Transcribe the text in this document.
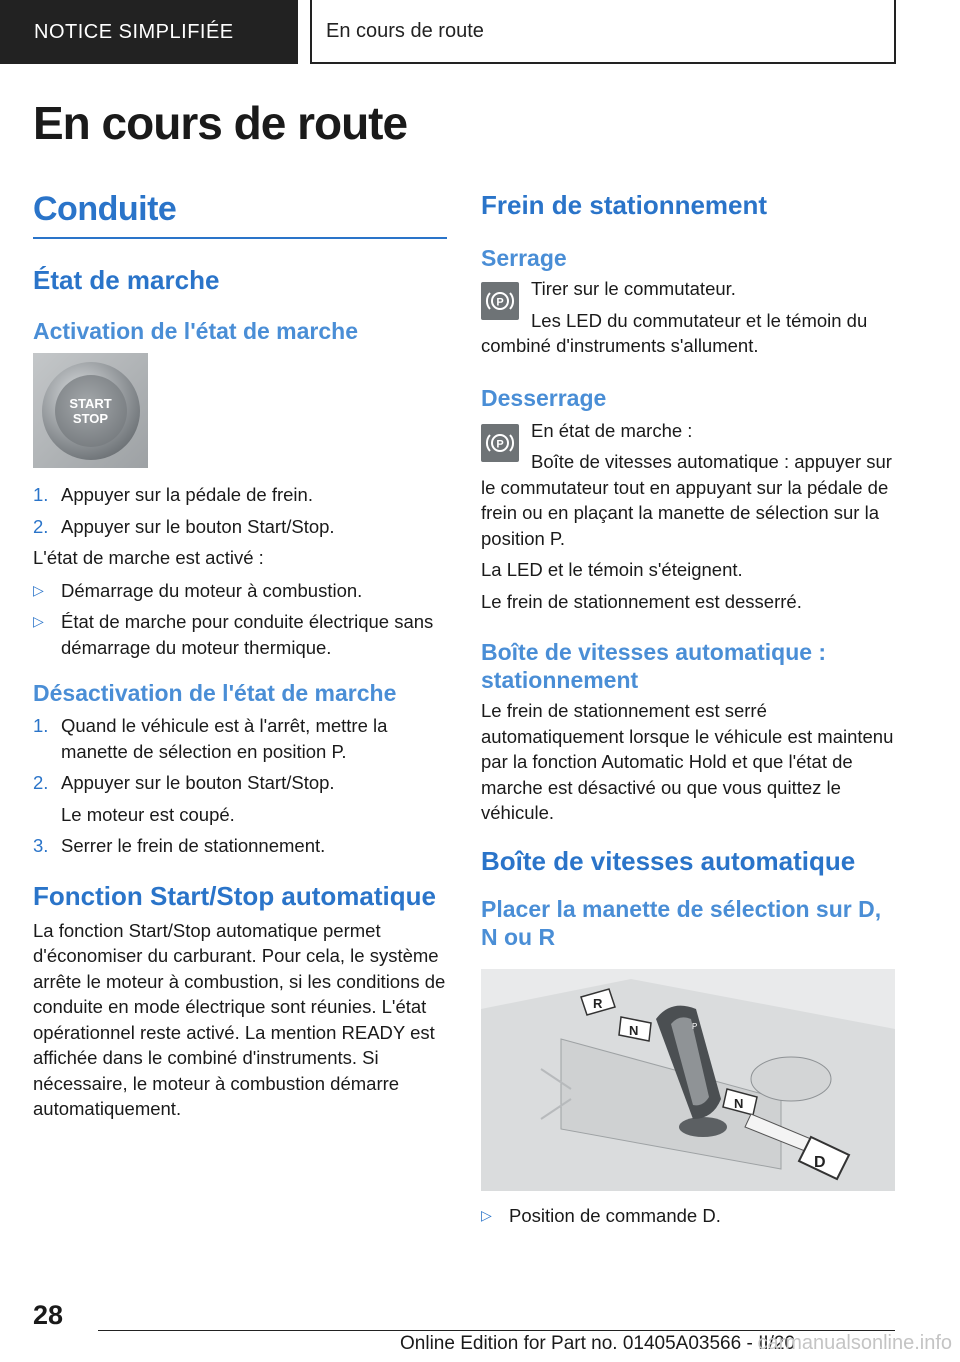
NOTICE SIMPLIFIÉE	En cours de route
En cours de route
Conduite
État de marche
Activation de l'état de marche
START
STOP
1. Appuyer sur la pédale de frein.
2. Appuyer sur le bouton Start/Stop.

L'état de marche est activé :

▷ Démarrage du moteur à combustion.
▷ État de marche pour conduite électrique sans démarrage du moteur thermique.
Désactivation de l'état de marche
1. Quand le véhicule est à l'arrêt, mettre la manette de sélection en position P.
2. Appuyer sur le bouton Start/Stop.

Le moteur est coupé.

3. Serrer le frein de stationnement.
Fonction Start/Stop automatique

La fonction Start/Stop automatique permet d'économiser du carburant. Pour cela, le système arrête le moteur à combustion, si les conditions de conduite en mode électrique sont réunies. L'état opérationnel reste activé. La mention READY est affichée dans le combiné d'instruments. Si nécessaire, le moteur à combustion démarre automatiquement.

Frein de stationnement
Serrage
P

Tirer sur le commutateur.

Les LED du commutateur et le témoin du combiné d'instruments s'allument.

Desserrage
P

En état de marche :

Boîte de vitesses automatique : appuyer sur le commutateur tout en appuyant sur la pédale de frein ou en plaçant la manette de sélection sur la position P.

La LED et le témoin s'éteignent.

Le frein de stationnement est desserré.

Boîte de vitesses automatique : stationnement

Le frein de stationnement est serré automatiquement lorsque le véhicule est maintenu par la fonction Automatic Hold et que l'état de marche est désactivé ou que vous quittez le véhicule.

Boîte de vitesses automatique
Placer la manette de sélection sur D, N ou R
P
R
N
N
D
▷ Position de commande D.
28
Online Edition for Part no. 01405A03566 - II/20
carmanualsonline.info
